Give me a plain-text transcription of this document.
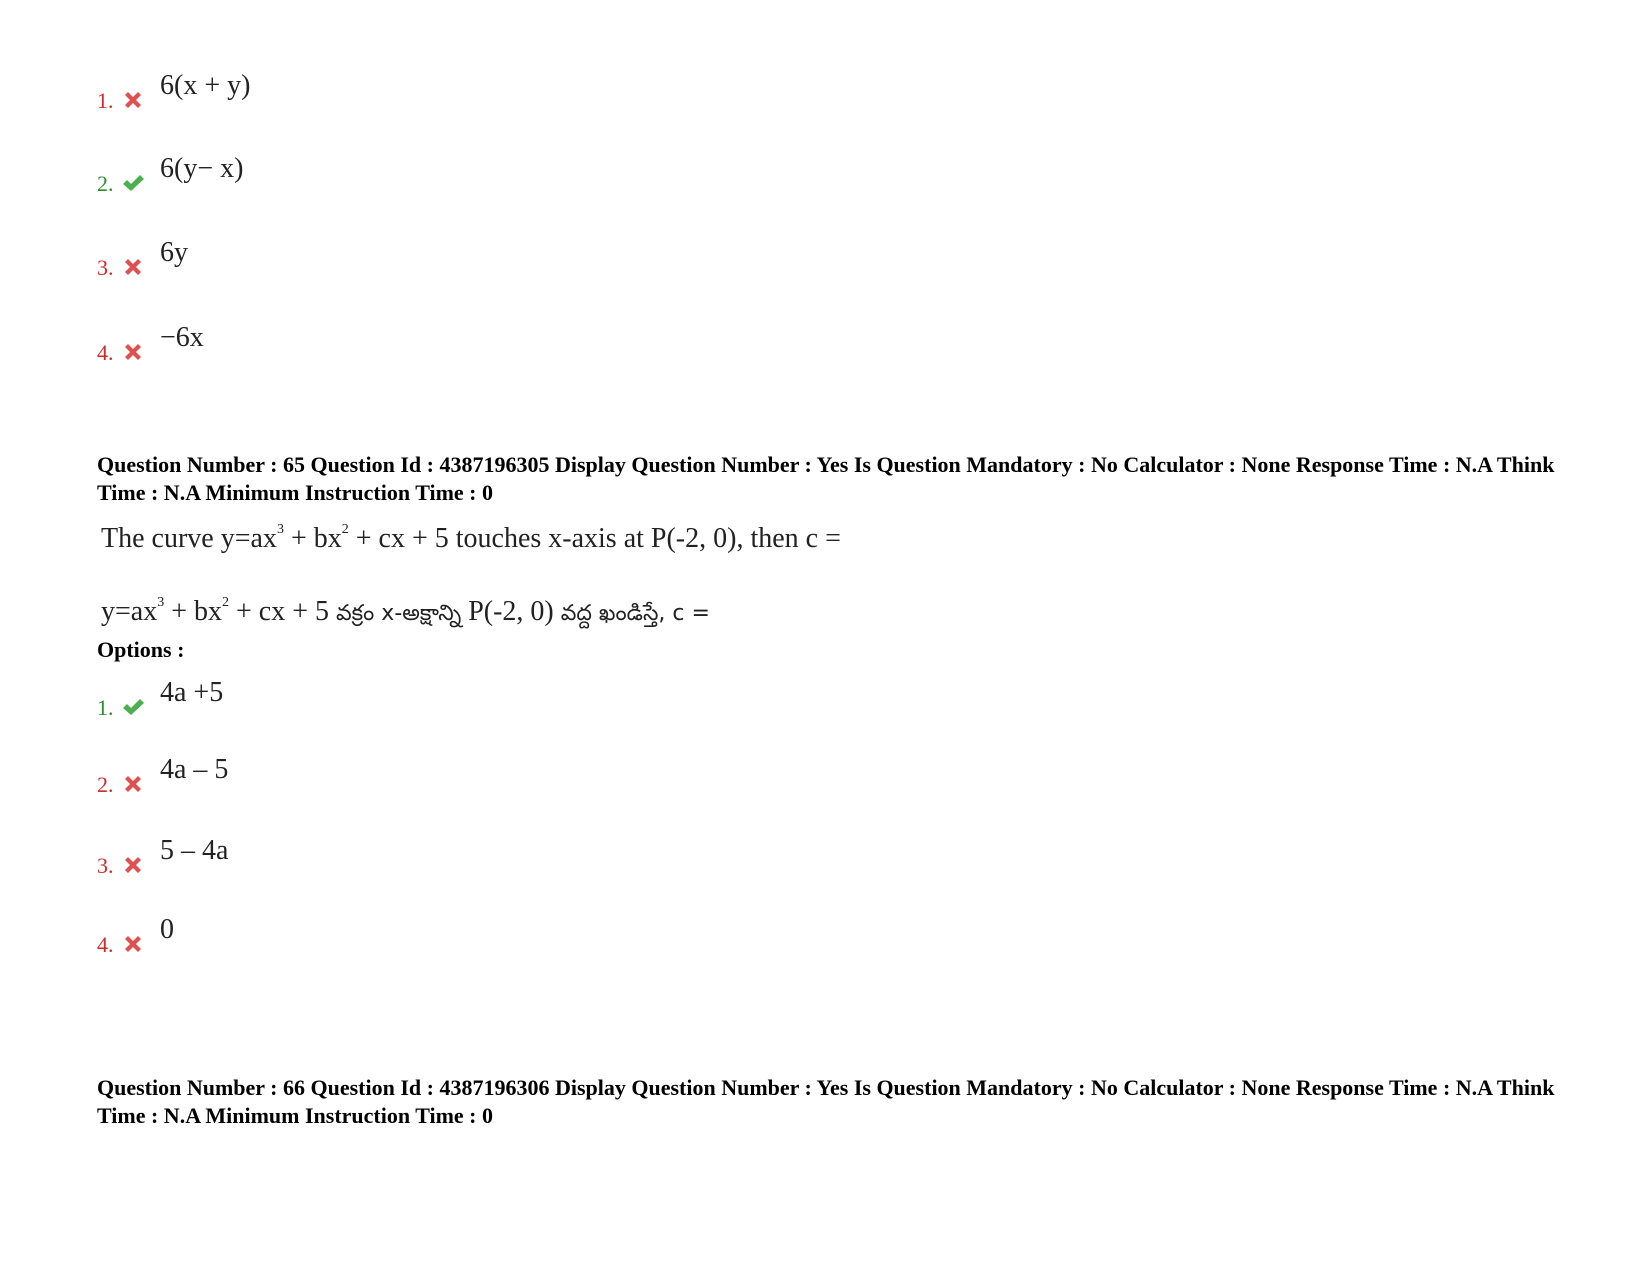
1. 6(x + y)
2. 6(y− x)
3. 6y
4. −6x
Question Number : 65 Question Id : 4387196305 Display Question Number : Yes Is Question Mandatory : No Calculator : None Response Time : N.A Think Time : N.A Minimum Instruction Time : 0
The curve $y=ax^3 + bx^2$ + cx + 5 touches x-axis at P(-2, 0), then c =
$y=ax^3 + bx^2$ + cx + 5 వక్రం x-అక్షాన్ని P(-2, 0) వద్ద ఖండిస్తే, c =
Options :
1. 4a +5
2. 4a – 5
3. 5 – 4a
4. 0
Question Number : 66 Question Id : 4387196306 Display Question Number : Yes Is Question Mandatory : No Calculator : None Response Time : N.A Think Time : N.A Minimum Instruction Time : 0
